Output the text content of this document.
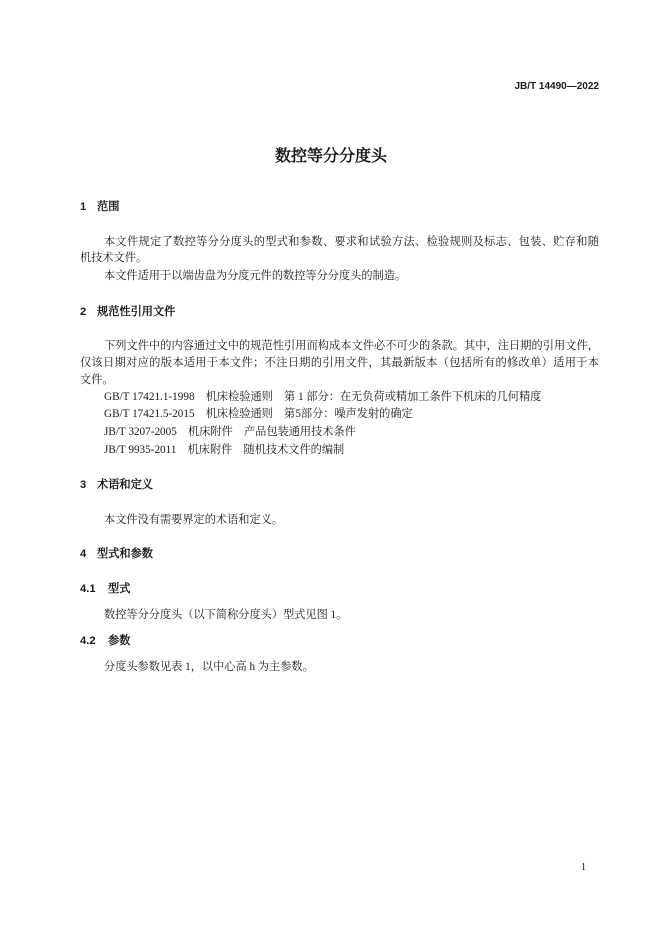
JB/T 14490—2022
数控等分分度头
1 范围
本文件规定了数控等分分度头的型式和参数、要求和试验方法、检验规则及标志、包装、贮存和随
机技术文件。
本文件适用于以端齿盘为分度元件的数控等分分度头的制造。
2 规范性引用文件
下列文件中的内容通过文中的规范性引用而构成本文件必不可少的条款。其中，注日期的引用文件，
仅该日期对应的版本适用于本文件；不注日期的引用文件，其最新版本（包括所有的修改单）适用于本
文件。
GB/T 17421.1-1998　机床检验通则　第 1 部分：在无负荷或精加工条件下机床的几何精度
GB/T 17421.5-2015　机床检验通则　第5部分：噪声发射的确定
JB/T 3207-2005　机床附件　产品包装通用技术条件
JB/T 9935-2011　机床附件　随机技术文件的编制
3 术语和定义
本文件没有需要界定的术语和定义。
4 型式和参数
4.1 型式
数控等分分度头（以下简称分度头）型式见图 1。
4.2 参数
分度头参数见表 1，以中心高 h 为主参数。
1
